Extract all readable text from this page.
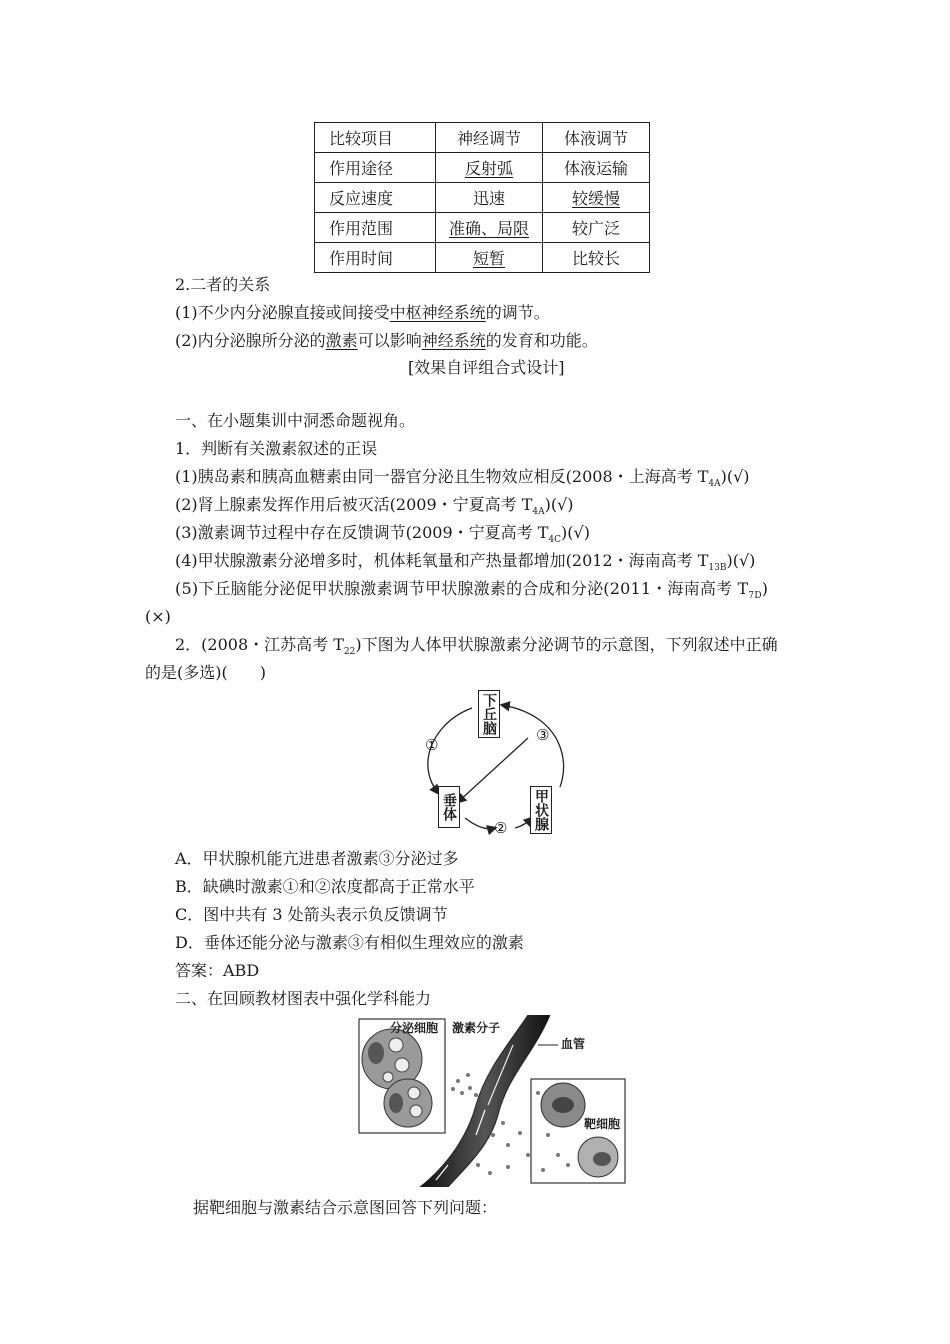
比较项目	神经调节	体液调节
作用途径	反射弧	体液运输
反应速度	迅速	较缓慢
作用范围	准确、局限	较广泛
作用时间	短暂	比较长
2.二者的关系
(1)不少内分泌腺直接或间接受中枢神经系统的调节。
(2)内分泌腺所分泌的激素可以影响神经系统的发育和功能。
[效果自评组合式设计]
一、在小题集训中洞悉命题视角。
1．判断有关激素叙述的正误
(1)胰岛素和胰高血糖素由同一器官分泌且生物效应相反(2008・上海高考 $T_{4A})(√)$
(2)肾上腺素发挥作用后被灭活(2009・宁夏高考 $T_{4A})(√)$
(3)激素调节过程中存在反馈调节(2009・宁夏高考 $T_{4C})(√)$
(4)甲状腺激素分泌增多时，机体耗氧量和产热量都增加(2012・海南高考 $T_{13B})(√)$
(5)下丘脑能分泌促甲状腺激素调节甲状腺激素的合成和分泌(2011・海南高考 $T_{7D}$)
(×)
2．(2008・江苏高考 $T_{22}$)下图为人体甲状腺激素分泌调节的示意图，下列叙述中正确
的是(多选)(　　)
下丘脑
垂体	甲状腺
①
②
③
A．甲状腺机能亢进患者激素③分泌过多
B．缺碘时激素①和②浓度都高于正常水平
C．图中共有 3 处箭头表示负反馈调节
D．垂体还能分泌与激素③有相似生理效应的激素
答案：ABD
二、在回顾教材图表中强化学科能力
分泌细胞 激素分子
血管
靶细胞
据靶细胞与激素结合示意图回答下列问题：
